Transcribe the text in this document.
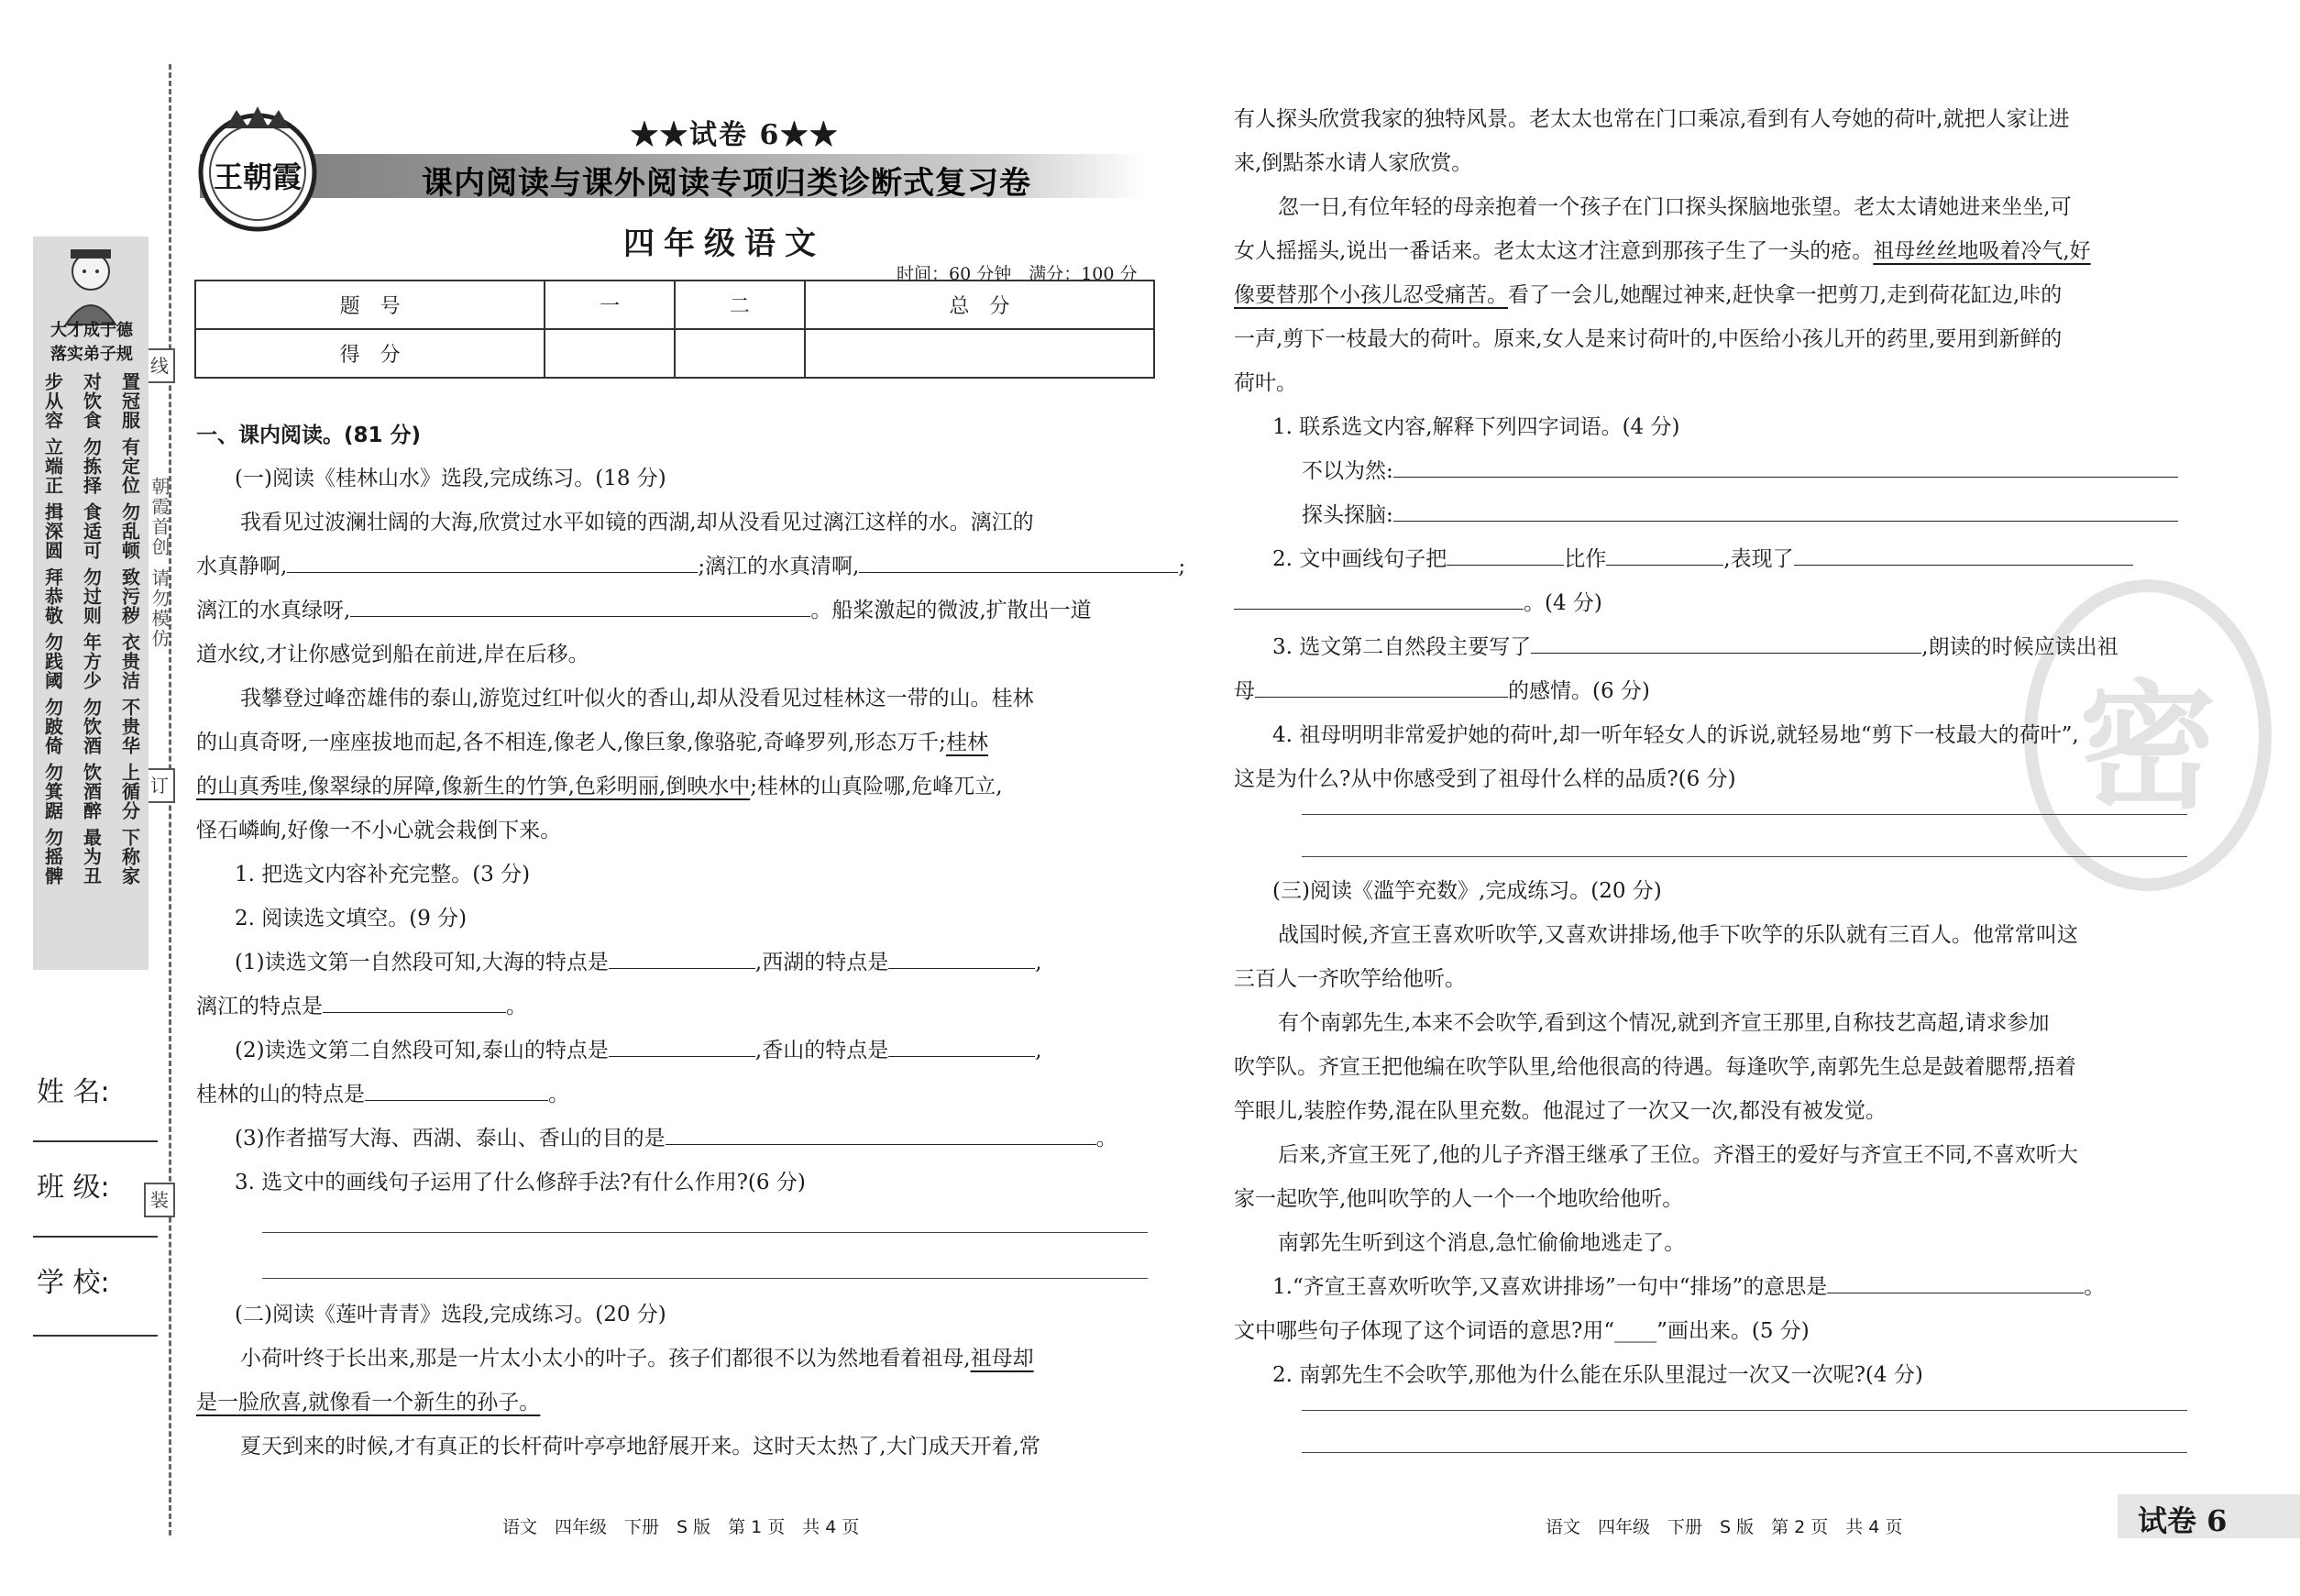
线
订
装
朝霞首创
请勿模仿
大才成于德
落实弟子规
置冠服
对饮食
步从容
有定位
勿拣择
立端正
勿乱顿
食适可
揖深圆
致污秽
勿过则
拜恭敬
衣贵洁
年方少
勿践阈
不贵华
勿饮酒
勿跛倚
上循分
饮酒醉
勿箕踞
下称家
最为丑
勿摇髀
姓 名:
班 级:
学 校:
王朝霞
★★试卷 6★★
课内阅读与课外阅读专项归类诊断式复习卷
四年级语文
时间：60 分钟　满分：100 分
题　号	一	二	总　分
得　分			
一、课内阅读。(81 分)
(一)阅读《桂林山水》选段,完成练习。(18 分)
我看见过波澜壮阔的大海,欣赏过水平如镜的西湖,却从没看见过漓江这样的水。漓江的
水真静啊,	;漓江的水真清啊,	;
漓江的水真绿呀,	。船桨激起的微波,扩散出一道
道水纹,才让你感觉到船在前进,岸在后移。
我攀登过峰峦雄伟的泰山,游览过红叶似火的香山,却从没看见过桂林这一带的山。桂林
的山真奇呀,一座座拔地而起,各不相连,像老人,像巨象,像骆驼,奇峰罗列,形态万千;桂林
的山真秀哇,像翠绿的屏障,像新生的竹笋,色彩明丽,倒映水中;桂林的山真险哪,危峰兀立,
怪石嶙峋,好像一不小心就会栽倒下来。
1. 把选文内容补充完整。(3 分)
2. 阅读选文填空。(9 分)
(1)读选文第一自然段可知,大海的特点是	,西湖的特点是	,
漓江的特点是	。
(2)读选文第二自然段可知,泰山的特点是	,香山的特点是	,
桂林的山的特点是	。
(3)作者描写大海、西湖、泰山、香山的目的是	。
3. 选文中的画线句子运用了什么修辞手法?有什么作用?(6 分)
(二)阅读《莲叶青青》选段,完成练习。(20 分)
小荷叶终于长出来,那是一片太小太小的叶子。孩子们都很不以为然地看着祖母,祖母却
是一脸欣喜,就像看一个新生的孙子。
夏天到来的时候,才有真正的长杆荷叶亭亭地舒展开来。这时天太热了,大门成天开着,常
语文　四年级　下册　S 版　第 1 页　共 4 页
密
有人探头欣赏我家的独特风景。老太太也常在门口乘凉,看到有人夸她的荷叶,就把人家让进
来,倒點茶水请人家欣赏。
忽一日,有位年轻的母亲抱着一个孩子在门口探头探脑地张望。老太太请她进来坐坐,可
女人摇摇头,说出一番话来。老太太这才注意到那孩子生了一头的疮。祖母丝丝地吸着冷气,好
像要替那个小孩儿忍受痛苦。看了一会儿,她醒过神来,赶快拿一把剪刀,走到荷花缸边,咔的
一声,剪下一枝最大的荷叶。原来,女人是来讨荷叶的,中医给小孩儿开的药里,要用到新鲜的
荷叶。
1. 联系选文内容,解释下列四字词语。(4 分)
不以为然:
探头探脑:
2. 文中画线句子把	比作	,表现了
。(4 分)
3. 选文第二自然段主要写了	,朗读的时候应读出祖
母	的感情。(6 分)
4. 祖母明明非常爱护她的荷叶,却一听年轻女人的诉说,就轻易地“剪下一枝最大的荷叶”,
这是为什么?从中你感受到了祖母什么样的品质?(6 分)
(三)阅读《滥竽充数》,完成练习。(20 分)
战国时候,齐宣王喜欢听吹竽,又喜欢讲排场,他手下吹竽的乐队就有三百人。他常常叫这
三百人一齐吹竽给他听。
有个南郭先生,本来不会吹竽,看到这个情况,就到齐宣王那里,自称技艺高超,请求参加
吹竽队。齐宣王把他编在吹竽队里,给他很高的待遇。每逢吹竽,南郭先生总是鼓着腮帮,捂着
竽眼儿,装腔作势,混在队里充数。他混过了一次又一次,都没有被发觉。
后来,齐宣王死了,他的儿子齐湣王继承了王位。齐湣王的爱好与齐宣王不同,不喜欢听大
家一起吹竽,他叫吹竽的人一个一个地吹给他听。
南郭先生听到这个消息,急忙偷偷地逃走了。
1.“齐宣王喜欢听吹竽,又喜欢讲排场”一句中“排场”的意思是	。
文中哪些句子体现了这个词语的意思?用“____”画出来。(5 分)
2. 南郭先生不会吹竽,那他为什么能在乐队里混过一次又一次呢?(4 分)
语文　四年级　下册　S 版　第 2 页　共 4 页	试卷 6
